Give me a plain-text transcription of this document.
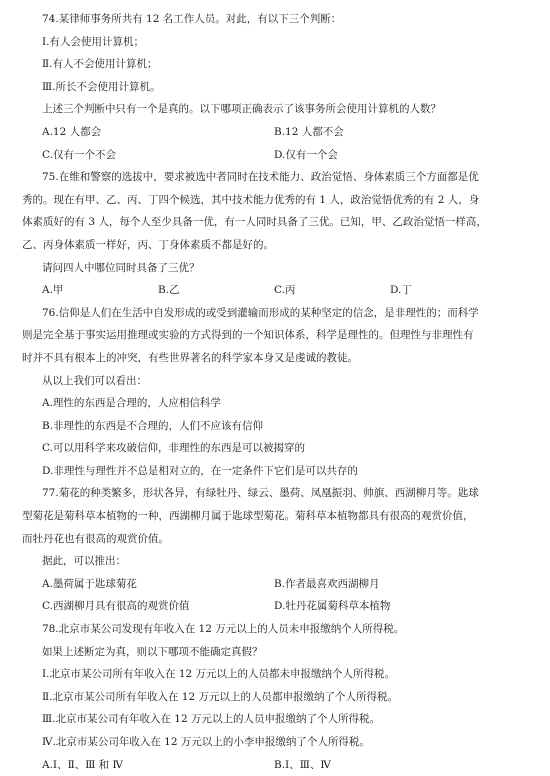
74.某律师事务所共有 12 名工作人员。对此，有以下三个判断：
Ⅰ.有人会使用计算机；
Ⅱ.有人不会使用计算机；
Ⅲ.所长不会使用计算机。
上述三个判断中只有一个是真的。以下哪项正确表示了该事务所会使用计算机的人数？
A.12 人都会	B.12 人都不会
C.仅有一个不会	D.仅有一个会
75.在维和警察的选拔中，要求被选中者同时在技术能力、政治觉悟、身体素质三个方面都是优
秀的。现在有甲、乙、丙、丁四个候选，其中技术能力优秀的有 1 人，政治觉悟优秀的有 2 人，身
体素质好的有 3 人，每个人至少具备一优，有一人同时具备了三优。已知，甲、乙政治觉悟一样高，
乙、丙身体素质一样好，丙、丁身体素质不都是好的。
请问四人中哪位同时具备了三优？
A.甲	B.乙	C.丙	D.丁
76.信仰是人们在生活中自发形成的或受到灌输而形成的某种坚定的信念，是非理性的；而科学
则是完全基于事实运用推理或实验的方式得到的一个知识体系，科学是理性的。但理性与非理性有
时并不具有根本上的冲突，有些世界著名的科学家本身又是虔诚的教徒。
从以上我们可以看出：
A.理性的东西是合理的，人应相信科学
B.非理性的东西是不合理的，人们不应该有信仰
C.可以用科学来攻破信仰，非理性的东西是可以被揭穿的
D.非理性与理性并不总是相对立的，在一定条件下它们是可以共存的
77.菊花的种类繁多，形状各异，有绿牡丹、绿云、墨荷、凤凰振羽、帅旗、西湖柳月等。匙球
型菊花是菊科草本植物的一种，西湖柳月属于匙球型菊花。菊科草本植物都具有很高的观赏价值，
而牡丹花也有很高的观赏价值。
据此，可以推出：
A.墨荷属于匙球菊花	B.作者最喜欢西湖柳月
C.西湖柳月具有很高的观赏价值	D.牡丹花属菊科草本植物
78.北京市某公司发现有年收入在 12 万元以上的人员未申报缴纳个人所得税。
如果上述断定为真，则以下哪项不能确定真假？
Ⅰ.北京市某公司所有年收入在 12 万元以上的人员都未申报缴纳个人所得税。
Ⅱ.北京市某公司所有年收入在 12 万元以上的人员都申报缴纳了个人所得税。
Ⅲ.北京市某公司有年收入在 12 万元以上的人员申报缴纳了个人所得税。
Ⅳ.北京市某公司年收入在 12 万元以上的小李申报缴纳了个人所得税。
A.Ⅰ、Ⅱ、Ⅲ 和 Ⅳ	B.Ⅰ、Ⅲ、Ⅳ
